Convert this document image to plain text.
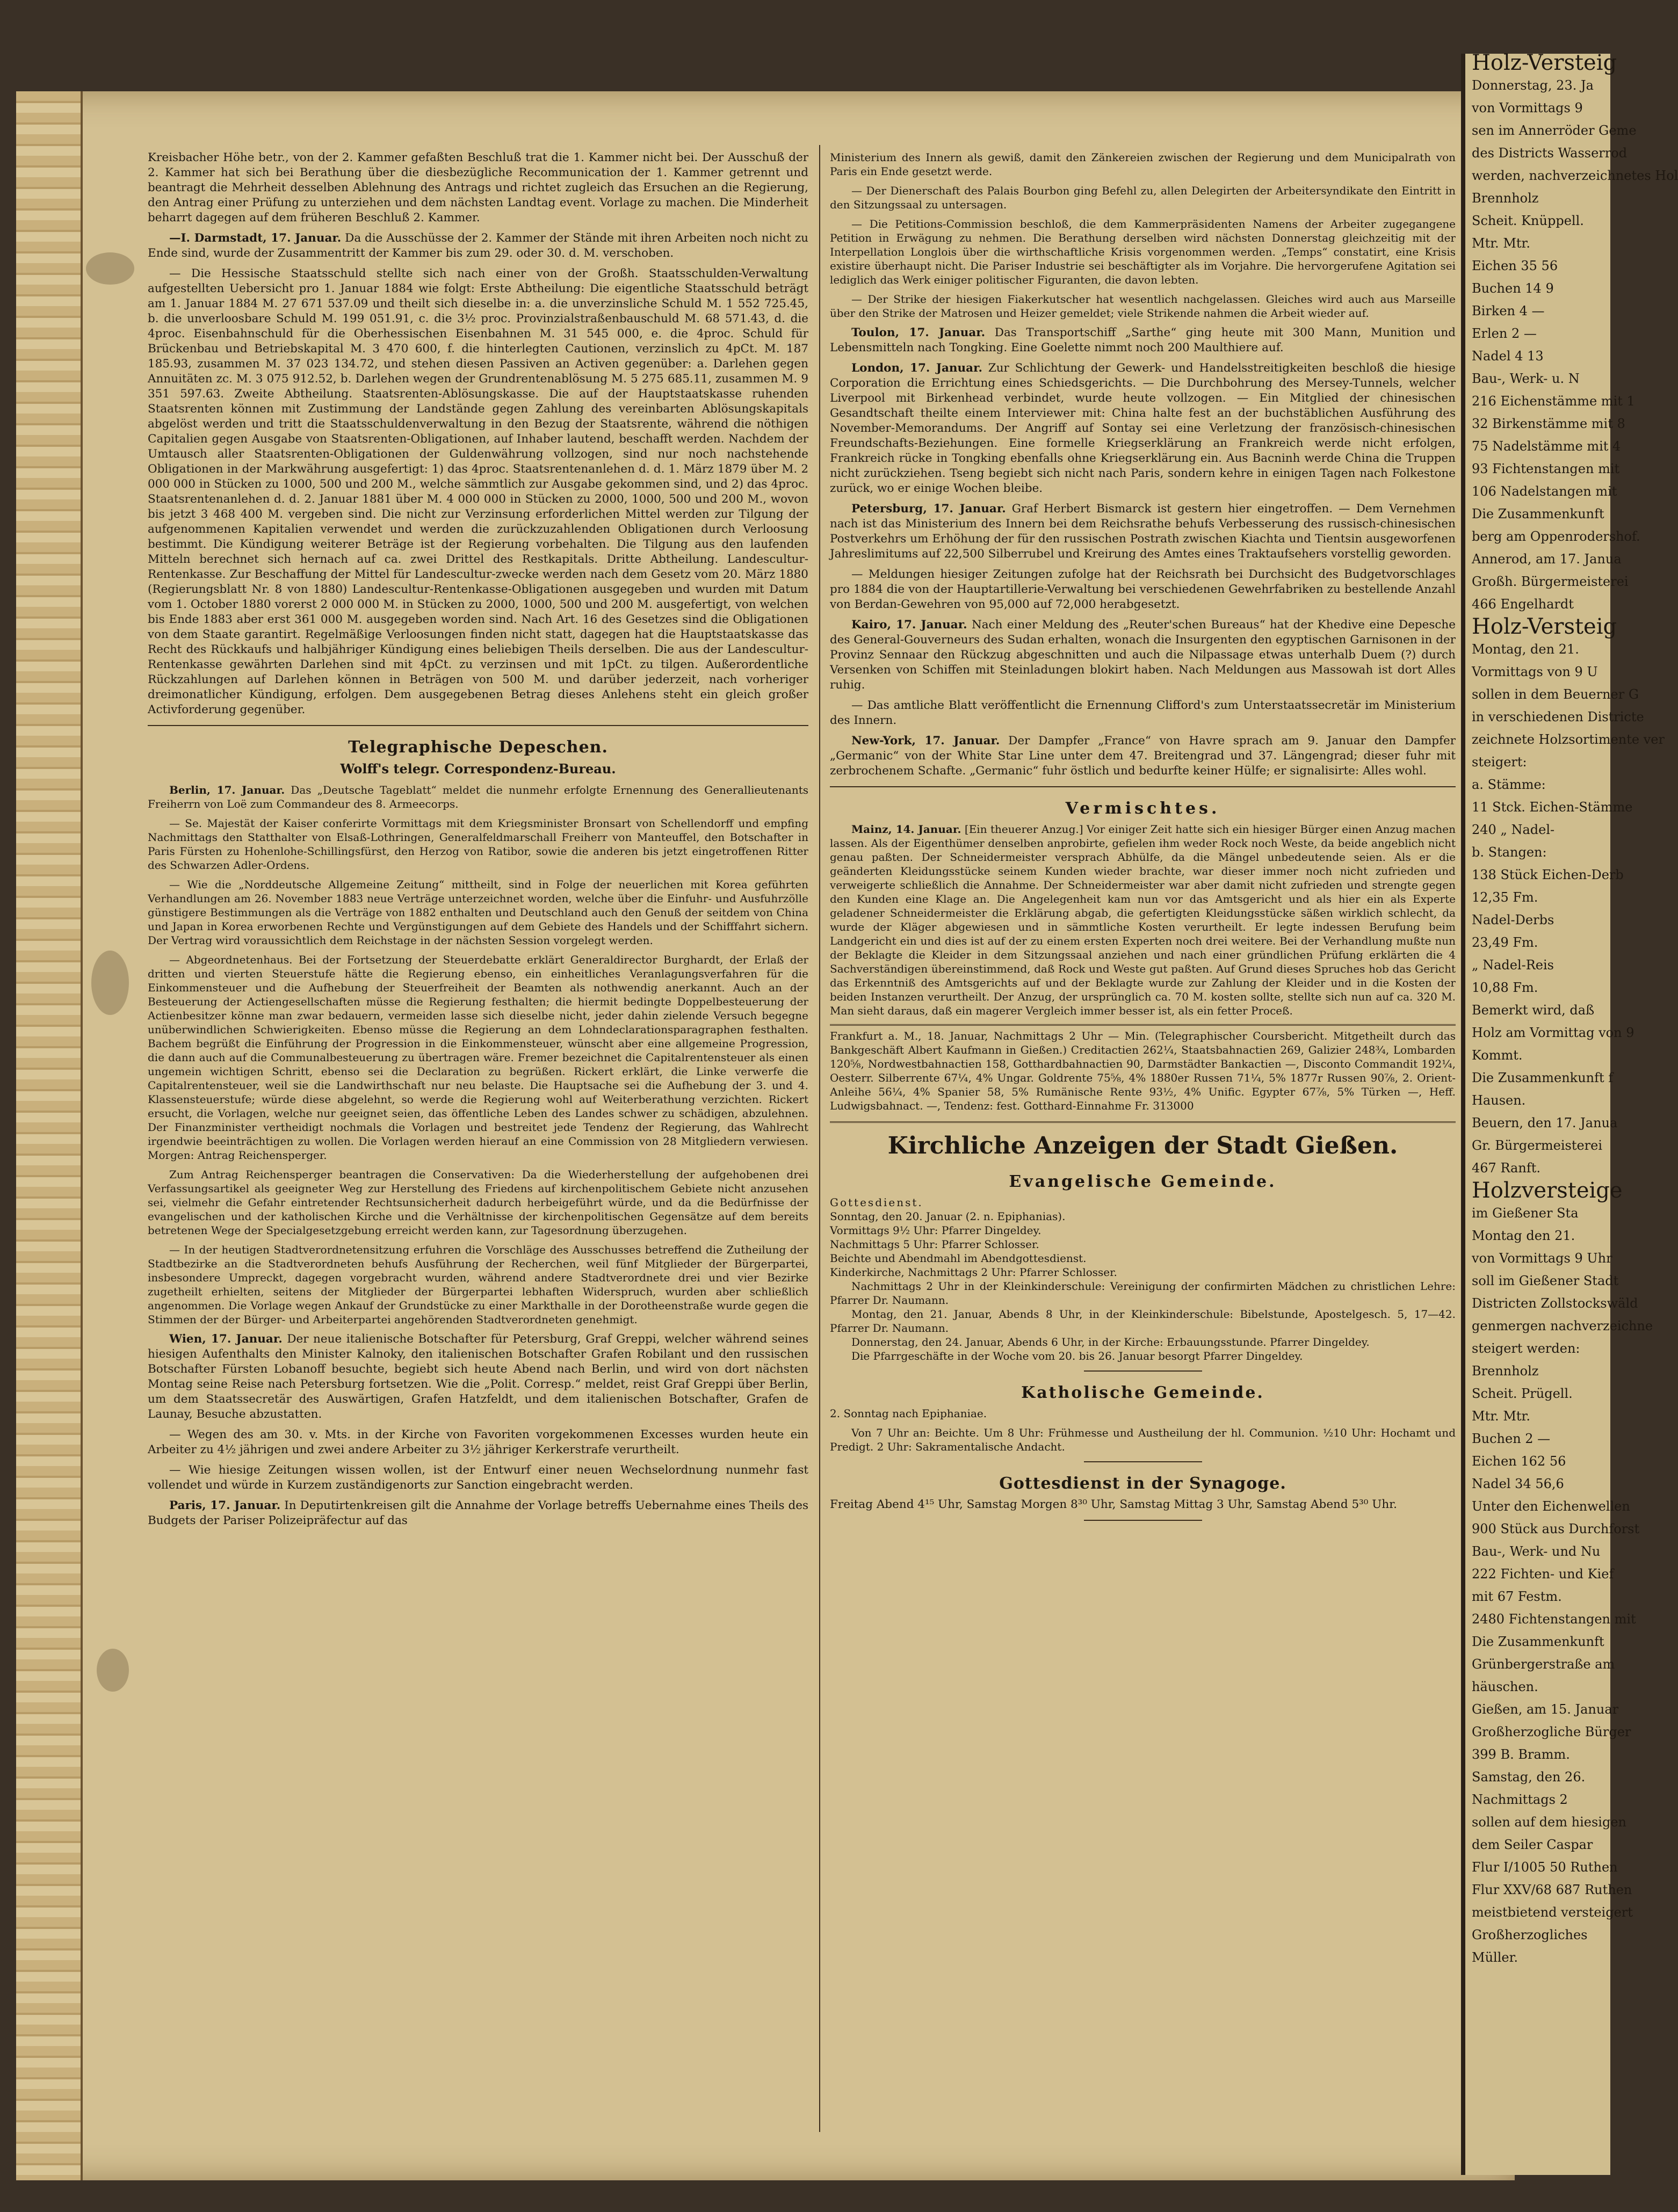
Kreisbacher Höhe betr., von der 2. Kammer gefaßten Beschluß trat die 1. Kammer nicht bei. Der Ausschuß der 2. Kammer hat sich bei Berathung über die diesbezügliche Recommunication der 1. Kammer getrennt und beantragt die Mehrheit desselben Ablehnung des Antrags und richtet zugleich das Ersuchen an die Regierung, den Antrag einer Prüfung zu unterziehen und dem nächsten Landtag event. Vorlage zu machen. Die Minderheit beharrt dagegen auf dem früheren Beschluß 2. Kammer.

—I. Darmstadt, 17. Januar. Da die Ausschüsse der 2. Kammer der Stände mit ihren Arbeiten noch nicht zu Ende sind, wurde der Zusammentritt der Kammer bis zum 29. oder 30. d. M. verschoben.

— Die Hessische Staatsschuld stellte sich nach einer von der Großh. Staatsschulden-Verwaltung aufgestellten Uebersicht pro 1. Januar 1884 wie folgt: Erste Abtheilung: Die eigentliche Staatsschuld beträgt am 1. Januar 1884 M. 27 671 537.09 und theilt sich dieselbe in: a. die unverzinsliche Schuld M. 1 552 725.45, b. die unverloosbare Schuld M. 199 051.91, c. die 3½ proc. Provinzialstraßenbauschuld M. 68 571.43, d. die 4proc. Eisenbahnschuld für die Oberhessischen Eisenbahnen M. 31 545 000, e. die 4proc. Schuld für Brückenbau und Betriebskapital M. 3 470 600, f. die hinterlegten Cautionen, verzinslich zu 4pCt. M. 187 185.93, zusammen M. 37 023 134.72, und stehen diesen Passiven an Activen gegenüber: a. Darlehen gegen Annuitäten zc. M. 3 075 912.52, b. Darlehen wegen der Grundrentenablösung M. 5 275 685.11, zusammen M. 9 351 597.63. Zweite Abtheilung. Staatsrenten-Ablösungskasse. Die auf der Hauptstaatskasse ruhenden Staatsrenten können mit Zustimmung der Landstände gegen Zahlung des vereinbarten Ablösungskapitals abgelöst werden und tritt die Staatsschuldenverwaltung in den Bezug der Staatsrente, während die nöthigen Capitalien gegen Ausgabe von Staatsrenten-Obligationen, auf Inhaber lautend, beschafft werden. Nachdem der Umtausch aller Staatsrenten-Obligationen der Guldenwährung vollzogen, sind nur noch nachstehende Obligationen in der Markwährung ausgefertigt: 1) das 4proc. Staatsrentenanlehen d. d. 1. März 1879 über M. 2 000 000 in Stücken zu 1000, 500 und 200 M., welche sämmtlich zur Ausgabe gekommen sind, und 2) das 4proc. Staatsrentenanlehen d. d. 2. Januar 1881 über M. 4 000 000 in Stücken zu 2000, 1000, 500 und 200 M., wovon bis jetzt 3 468 400 M. vergeben sind. Die nicht zur Verzinsung erforderlichen Mittel werden zur Tilgung der aufgenommenen Kapitalien verwendet und werden die zurückzuzahlenden Obligationen durch Verloosung bestimmt. Die Kündigung weiterer Beträge ist der Regierung vorbehalten. Die Tilgung aus den laufenden Mitteln berechnet sich hernach auf ca. zwei Drittel des Restkapitals. Dritte Abtheilung. Landescultur-Rentenkasse. Zur Beschaffung der Mittel für Landescultur-zwecke werden nach dem Gesetz vom 20. März 1880 (Regierungsblatt Nr. 8 von 1880) Landescultur-Rentenkasse-Obligationen ausgegeben und wurden mit Datum vom 1. October 1880 vorerst 2 000 000 M. in Stücken zu 2000, 1000, 500 und 200 M. ausgefertigt, von welchen bis Ende 1883 aber erst 361 000 M. ausgegeben worden sind. Nach Art. 16 des Gesetzes sind die Obligationen von dem Staate garantirt. Regelmäßige Verloosungen finden nicht statt, dagegen hat die Hauptstaatskasse das Recht des Rückkaufs und halbjähriger Kündigung eines beliebigen Theils derselben. Die aus der Landescultur-Rentenkasse gewährten Darlehen sind mit 4pCt. zu verzinsen und mit 1pCt. zu tilgen. Außerordentliche Rückzahlungen auf Darlehen können in Beträgen von 500 M. und darüber jederzeit, nach vorheriger dreimonatlicher Kündigung, erfolgen. Dem ausgegebenen Betrag dieses Anlehens steht ein gleich großer Activforderung gegenüber.

Telegraphische Depeschen.
Wolff's telegr. Correspondenz-Bureau.

Berlin, 17. Januar. Das „Deutsche Tageblatt“ meldet die nunmehr erfolgte Ernennung des Generallieutenants Freiherrn von Loë zum Commandeur des 8. Armeecorps.

— Se. Majestät der Kaiser conferirte Vormittags mit dem Kriegsminister Bronsart von Schellendorff und empfing Nachmittags den Statthalter von Elsaß-Lothringen, Generalfeldmarschall Freiherr von Manteuffel, den Botschafter in Paris Fürsten zu Hohenlohe-Schillingsfürst, den Herzog von Ratibor, sowie die anderen bis jetzt eingetroffenen Ritter des Schwarzen Adler-Ordens.

— Wie die „Norddeutsche Allgemeine Zeitung“ mittheilt, sind in Folge der neuerlichen mit Korea geführten Verhandlungen am 26. November 1883 neue Verträge unterzeichnet worden, welche über die Einfuhr- und Ausfuhrzölle günstigere Bestimmungen als die Verträge von 1882 enthalten und Deutschland auch den Genuß der seitdem von China und Japan in Korea erworbenen Rechte und Vergünstigungen auf dem Gebiete des Handels und der Schifffahrt sichern. Der Vertrag wird voraussichtlich dem Reichstage in der nächsten Session vorgelegt werden.

— Abgeordnetenhaus. Bei der Fortsetzung der Steuerdebatte erklärt Generaldirector Burghardt, der Erlaß der dritten und vierten Steuerstufe hätte die Regierung ebenso, ein einheitliches Veranlagungsverfahren für die Einkommensteuer und die Aufhebung der Steuerfreiheit der Beamten als nothwendig anerkannt. Auch an der Besteuerung der Actiengesellschaften müsse die Regierung festhalten; die hiermit bedingte Doppelbesteuerung der Actienbesitzer könne man zwar bedauern, vermeiden lasse sich dieselbe nicht, jeder dahin zielende Versuch begegne unüberwindlichen Schwierigkeiten. Ebenso müsse die Regierung an dem Lohndeclarationsparagraphen festhalten. Bachem begrüßt die Einführung der Progression in die Einkommensteuer, wünscht aber eine allgemeine Progression, die dann auch auf die Communalbesteuerung zu übertragen wäre. Fremer bezeichnet die Capitalrentensteuer als einen ungemein wichtigen Schritt, ebenso sei die Declaration zu begrüßen. Rickert erklärt, die Linke verwerfe die Capitalrentensteuer, weil sie die Landwirthschaft nur neu belaste. Die Hauptsache sei die Aufhebung der 3. und 4. Klassensteuerstufe; würde diese abgelehnt, so werde die Regierung wohl auf Weiterberathung verzichten. Rickert ersucht, die Vorlagen, welche nur geeignet seien, das öffentliche Leben des Landes schwer zu schädigen, abzulehnen. Der Finanzminister vertheidigt nochmals die Vorlagen und bestreitet jede Tendenz der Regierung, das Wahlrecht irgendwie beeinträchtigen zu wollen. Die Vorlagen werden hierauf an eine Commission von 28 Mitgliedern verwiesen. Morgen: Antrag Reichensperger.

Zum Antrag Reichensperger beantragen die Conservativen: Da die Wiederherstellung der aufgehobenen drei Verfassungsartikel als geeigneter Weg zur Herstellung des Friedens auf kirchenpolitischem Gebiete nicht anzusehen sei, vielmehr die Gefahr eintretender Rechtsunsicherheit dadurch herbeigeführt würde, und da die Bedürfnisse der evangelischen und der katholischen Kirche und die Verhältnisse der kirchenpolitischen Gegensätze auf dem bereits betretenen Wege der Specialgesetzgebung erreicht werden kann, zur Tagesordnung überzugehen.

— In der heutigen Stadtverordnetensitzung erfuhren die Vorschläge des Ausschusses betreffend die Zutheilung der Stadtbezirke an die Stadtverordneten behufs Ausführung der Recherchen, weil fünf Mitglieder der Bürgerpartei, insbesondere Umpreckt, dagegen vorgebracht wurden, während andere Stadtverordnete drei und vier Bezirke zugetheilt erhielten, seitens der Mitglieder der Bürgerpartei lebhaften Widerspruch, wurden aber schließlich angenommen. Die Vorlage wegen Ankauf der Grundstücke zu einer Markthalle in der Dorotheenstraße wurde gegen die Stimmen der der Bürger- und Arbeiterpartei angehörenden Stadtverordneten genehmigt.

Wien, 17. Januar. Der neue italienische Botschafter für Petersburg, Graf Greppi, welcher während seines hiesigen Aufenthalts den Minister Kalnoky, den italienischen Botschafter Grafen Robilant und den russischen Botschafter Fürsten Lobanoff besuchte, begiebt sich heute Abend nach Berlin, und wird von dort nächsten Montag seine Reise nach Petersburg fortsetzen. Wie die „Polit. Corresp.“ meldet, reist Graf Greppi über Berlin, um dem Staatssecretär des Auswärtigen, Grafen Hatzfeldt, und dem italienischen Botschafter, Grafen de Launay, Besuche abzustatten.

— Wegen des am 30. v. Mts. in der Kirche von Favoriten vorgekommenen Excesses wurden heute ein Arbeiter zu 4½ jährigen und zwei andere Arbeiter zu 3½ jähriger Kerkerstrafe verurtheilt.

— Wie hiesige Zeitungen wissen wollen, ist der Entwurf einer neuen Wechselordnung nunmehr fast vollendet und würde in Kurzem zuständigenorts zur Sanction eingebracht werden.

Paris, 17. Januar. In Deputirtenkreisen gilt die Annahme der Vorlage betreffs Uebernahme eines Theils des Budgets der Pariser Polizeipräfectur auf das

Ministerium des Innern als gewiß, damit den Zänkereien zwischen der Regierung und dem Municipalrath von Paris ein Ende gesetzt werde.

— Der Dienerschaft des Palais Bourbon ging Befehl zu, allen Delegirten der Arbeitersyndikate den Eintritt in den Sitzungssaal zu untersagen.

— Die Petitions-Commission beschloß, die dem Kammerpräsidenten Namens der Arbeiter zugegangene Petition in Erwägung zu nehmen. Die Berathung derselben wird nächsten Donnerstag gleichzeitig mit der Interpellation Longlois über die wirthschaftliche Krisis vorgenommen werden. „Temps“ constatirt, eine Krisis existire überhaupt nicht. Die Pariser Industrie sei beschäftigter als im Vorjahre. Die hervorgerufene Agitation sei lediglich das Werk einiger politischer Figuranten, die davon lebten.

— Der Strike der hiesigen Fiakerkutscher hat wesentlich nachgelassen. Gleiches wird auch aus Marseille über den Strike der Matrosen und Heizer gemeldet; viele Strikende nahmen die Arbeit wieder auf.

Toulon, 17. Januar. Das Transportschiff „Sarthe“ ging heute mit 300 Mann, Munition und Lebensmitteln nach Tongking. Eine Goelette nimmt noch 200 Maulthiere auf.

London, 17. Januar. Zur Schlichtung der Gewerk- und Handelsstreitigkeiten beschloß die hiesige Corporation die Errichtung eines Schiedsgerichts. — Die Durchbohrung des Mersey-Tunnels, welcher Liverpool mit Birkenhead verbindet, wurde heute vollzogen. — Ein Mitglied der chinesischen Gesandtschaft theilte einem Interviewer mit: China halte fest an der buchstäblichen Ausführung des November-Memorandums. Der Angriff auf Sontay sei eine Verletzung der französisch-chinesischen Freundschafts-Beziehungen. Eine formelle Kriegserklärung an Frankreich werde nicht erfolgen, Frankreich rücke in Tongking ebenfalls ohne Kriegserklärung ein. Aus Bacninh werde China die Truppen nicht zurückziehen. Tseng begiebt sich nicht nach Paris, sondern kehre in einigen Tagen nach Folkestone zurück, wo er einige Wochen bleibe.

Petersburg, 17. Januar. Graf Herbert Bismarck ist gestern hier eingetroffen. — Dem Vernehmen nach ist das Ministerium des Innern bei dem Reichsrathe behufs Verbesserung des russisch-chinesischen Postverkehrs um Erhöhung der für den russischen Postrath zwischen Kiachta und Tientsin ausgeworfenen Jahreslimitums auf 22,500 Silberrubel und Kreirung des Amtes eines Traktaufsehers vorstellig geworden.

— Meldungen hiesiger Zeitungen zufolge hat der Reichsrath bei Durchsicht des Budgetvorschlages pro 1884 die von der Hauptartillerie-Verwaltung bei verschiedenen Gewehrfabriken zu bestellende Anzahl von Berdan-Gewehren von 95,000 auf 72,000 herabgesetzt.

Kairo, 17. Januar. Nach einer Meldung des „Reuter'schen Bureaus“ hat der Khedive eine Depesche des General-Gouverneurs des Sudan erhalten, wonach die Insurgenten den egyptischen Garnisonen in der Provinz Sennaar den Rückzug abgeschnitten und auch die Nilpassage etwas unterhalb Duem (?) durch Versenken von Schiffen mit Steinladungen blokirt haben. Nach Meldungen aus Massowah ist dort Alles ruhig.

— Das amtliche Blatt veröffentlicht die Ernennung Clifford's zum Unterstaatssecretär im Ministerium des Innern.

New-York, 17. Januar. Der Dampfer „France“ von Havre sprach am 9. Januar den Dampfer „Germanic“ von der White Star Line unter dem 47. Breitengrad und 37. Längengrad; dieser fuhr mit zerbrochenem Schafte. „Germanic“ fuhr östlich und bedurfte keiner Hülfe; er signalisirte: Alles wohl.

Vermischtes.

Mainz, 14. Januar. [Ein theuerer Anzug.] Vor einiger Zeit hatte sich ein hiesiger Bürger einen Anzug machen lassen. Als der Eigenthümer denselben anprobirte, gefielen ihm weder Rock noch Weste, da beide angeblich nicht genau paßten. Der Schneidermeister versprach Abhülfe, da die Mängel unbedeutende seien. Als er die geänderten Kleidungsstücke seinem Kunden wieder brachte, war dieser immer noch nicht zufrieden und verweigerte schließlich die Annahme. Der Schneidermeister war aber damit nicht zufrieden und strengte gegen den Kunden eine Klage an. Die Angelegenheit kam nun vor das Amtsgericht und als hier ein als Experte geladener Schneidermeister die Erklärung abgab, die gefertigten Kleidungsstücke säßen wirklich schlecht, da wurde der Kläger abgewiesen und in sämmtliche Kosten verurtheilt. Er legte indessen Berufung beim Landgericht ein und dies ist auf der zu einem ersten Experten noch drei weitere. Bei der Verhandlung mußte nun der Beklagte die Kleider in dem Sitzungssaal anziehen und nach einer gründlichen Prüfung erklärten die 4 Sachverständigen übereinstimmend, daß Rock und Weste gut paßten. Auf Grund dieses Spruches hob das Gericht das Erkenntniß des Amtsgerichts auf und der Beklagte wurde zur Zahlung der Kleider und in die Kosten der beiden Instanzen verurtheilt. Der Anzug, der ursprünglich ca. 70 M. kosten sollte, stellte sich nun auf ca. 320 M. Man sieht daraus, daß ein magerer Vergleich immer besser ist, als ein fetter Proceß.

Frankfurt a. M., 18. Januar, Nachmittags 2 Uhr — Min. (Telegraphischer Coursbericht. Mitgetheilt durch das Bankgeschäft Albert Kaufmann in Gießen.) Creditactien 262¼, Staatsbahnactien 269, Galizier 248¾, Lombarden 120⅝, Nordwestbahnactien 158, Gotthardbahnactien 90, Darmstädter Bankactien —, Disconto Commandit 192¼, Oesterr. Silberrente 67¼, 4% Ungar. Goldrente 75⅝, 4% 1880er Russen 71¼, 5% 1877r Russen 90⅞, 2. Orient-Anleihe 56¼, 4% Spanier 58, 5% Rumänische Rente 93½, 4% Unific. Egypter 67⅞, 5% Türken —, Heff. Ludwigsbahnact. —, Tendenz: fest. Gotthard-Einnahme Fr. 313000

Kirchliche Anzeigen der Stadt Gießen.
Evangelische Gemeinde.

Gottesdienst.

Sonntag, den 20. Januar (2. n. Epiphanias).

Vormittags 9½ Uhr: Pfarrer Dingeldey.

Nachmittags 5 Uhr: Pfarrer Schlosser.

Beichte und Abendmahl im Abendgottesdienst.

Kinderkirche, Nachmittags 2 Uhr: Pfarrer Schlosser.

Nachmittags 2 Uhr in der Kleinkinderschule: Vereinigung der confirmirten Mädchen zu christlichen Lehre: Pfarrer Dr. Naumann.

Montag, den 21. Januar, Abends 8 Uhr, in der Kleinkinderschule: Bibelstunde, Apostelgesch. 5, 17—42. Pfarrer Dr. Naumann.

Donnerstag, den 24. Januar, Abends 6 Uhr, in der Kirche: Erbauungsstunde. Pfarrer Dingeldey.

Die Pfarrgeschäfte in der Woche vom 20. bis 26. Januar besorgt Pfarrer Dingeldey.

Katholische Gemeinde.

2. Sonntag nach Epiphaniae.

Von 7 Uhr an: Beichte. Um 8 Uhr: Frühmesse und Austheilung der hl. Communion. ½10 Uhr: Hochamt und Predigt. 2 Uhr: Sakramentalische Andacht.

Gottesdienst in der Synagoge.

Freitag Abend 4¹⁵ Uhr, Samstag Morgen 8³⁰ Uhr, Samstag Mittag 3 Uhr, Samstag Abend 5³⁰ Uhr.

Holz-Versteig
Donnerstag, 23. Ja
von Vormittags 9
sen im Annerröder Geme
des Districts Wasserrod
werden, nachverzeichnetes Hol
Brennholz
Scheit. Knüppell.
Mtr. Mtr.
Eichen 35 56
Buchen 14 9
Birken 4 —
Erlen 2 —
Nadel 4 13
Bau-, Werk- u. N
216 Eichenstämme mit 1
32 Birkenstämme mit 8
75 Nadelstämme mit 4
93 Fichtenstangen mit
106 Nadelstangen mit
Die Zusammenkunft
berg am Oppenrodershof.
Annerod, am 17. Janua
Großh. Bürgermeisterei
466 Engelhardt
Holz-Versteig
Montag, den 21.
Vormittags von 9 U
sollen in dem Beuerner G
in verschiedenen Districte
zeichnete Holzsortimente ver
steigert:
a. Stämme:
11 Stck. Eichen-Stämme
240 „ Nadel-
b. Stangen:
138 Stück Eichen-Derb
12,35 Fm.
Nadel-Derbs
23,49 Fm.
„ Nadel-Reis
10,88 Fm.
Bemerkt wird, daß
Holz am Vormittag von 9
Kommt.
Die Zusammenkunft f
Hausen.
Beuern, den 17. Janua
Gr. Bürgermeisterei
467 Ranft.
Holzversteige
im Gießener Sta
Montag den 21.
von Vormittags 9 Uhr
soll im Gießener Stadt
Districten Zollstockswäld
genmergen nachverzeichne
steigert werden:
Brennholz
Scheit. Prügell.
Mtr. Mtr.
Buchen 2 —
Eichen 162 56
Nadel 34 56,6
Unter den Eichenwellen
900 Stück aus Durchforst
Bau-, Werk- und Nu
222 Fichten- und Kief
mit 67 Festm.
2480 Fichtenstangen mit
Die Zusammenkunft
Grünbergerstraße am
häuschen.
Gießen, am 15. Januar
Großherzogliche Bürger
399 B. Bramm.
Samstag, den 26.
Nachmittags 2
sollen auf dem hiesigen
dem Seiler Caspar
Flur I/1005 50 Ruthen
Flur XXV/68 687 Ruthen
meistbietend versteigert
Großherzogliches
Müller.
